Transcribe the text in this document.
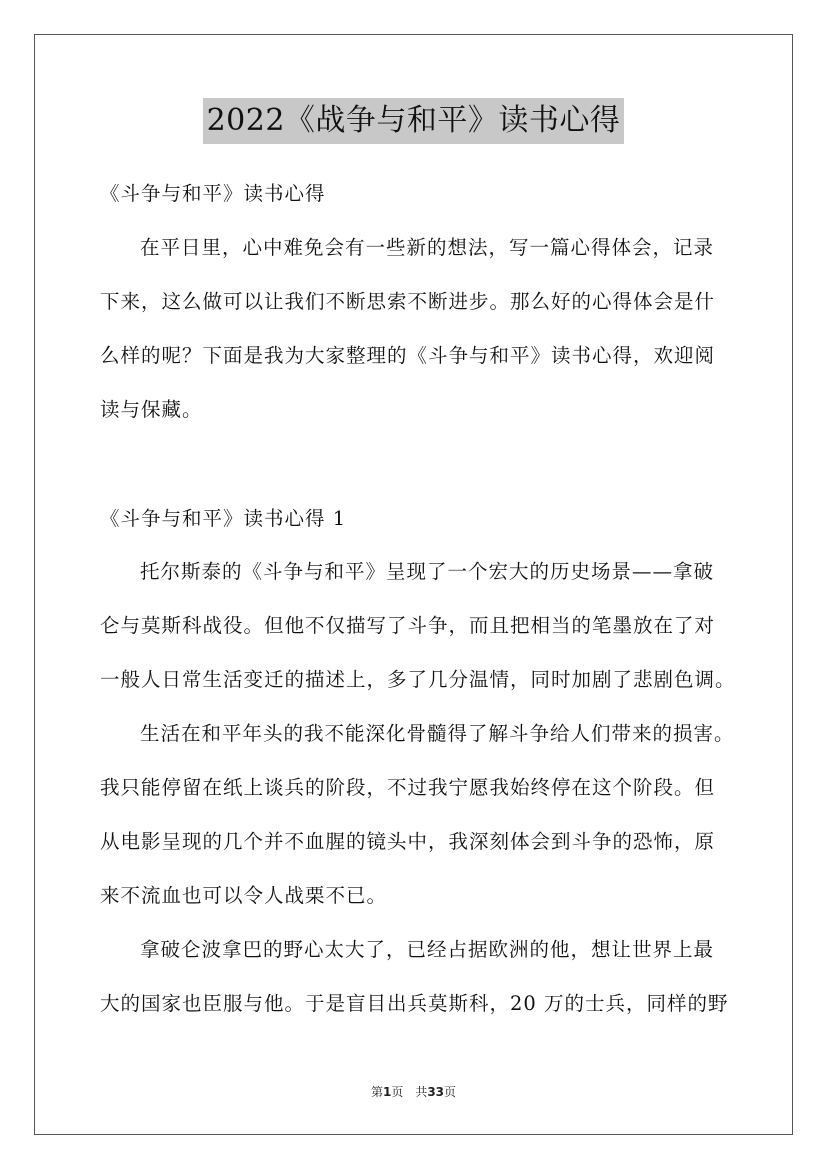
2022《战争与和平》读书心得
《斗争与和平》读书心得
在平日里，心中难免会有一些新的想法，写一篇心得体会，记录
下来，这么做可以让我们不断思索不断进步。那么好的心得体会是什
么样的呢？下面是我为大家整理的《斗争与和平》读书心得，欢迎阅
读与保藏。
《斗争与和平》读书心得 1
托尔斯泰的《斗争与和平》呈现了一个宏大的历史场景——拿破
仑与莫斯科战役。但他不仅描写了斗争，而且把相当的笔墨放在了对
一般人日常生活变迁的描述上，多了几分温情，同时加剧了悲剧色调。
生活在和平年头的我不能深化骨髓得了解斗争给人们带来的损害。
我只能停留在纸上谈兵的阶段，不过我宁愿我始终停在这个阶段。但
从电影呈现的几个并不血腥的镜头中，我深刻体会到斗争的恐怖，原
来不流血也可以令人战栗不已。
拿破仑波拿巴的野心太大了，已经占据欧洲的他，想让世界上最
大的国家也臣服与他。于是盲目出兵莫斯科，20 万的士兵，同样的野
第1页　共33页
